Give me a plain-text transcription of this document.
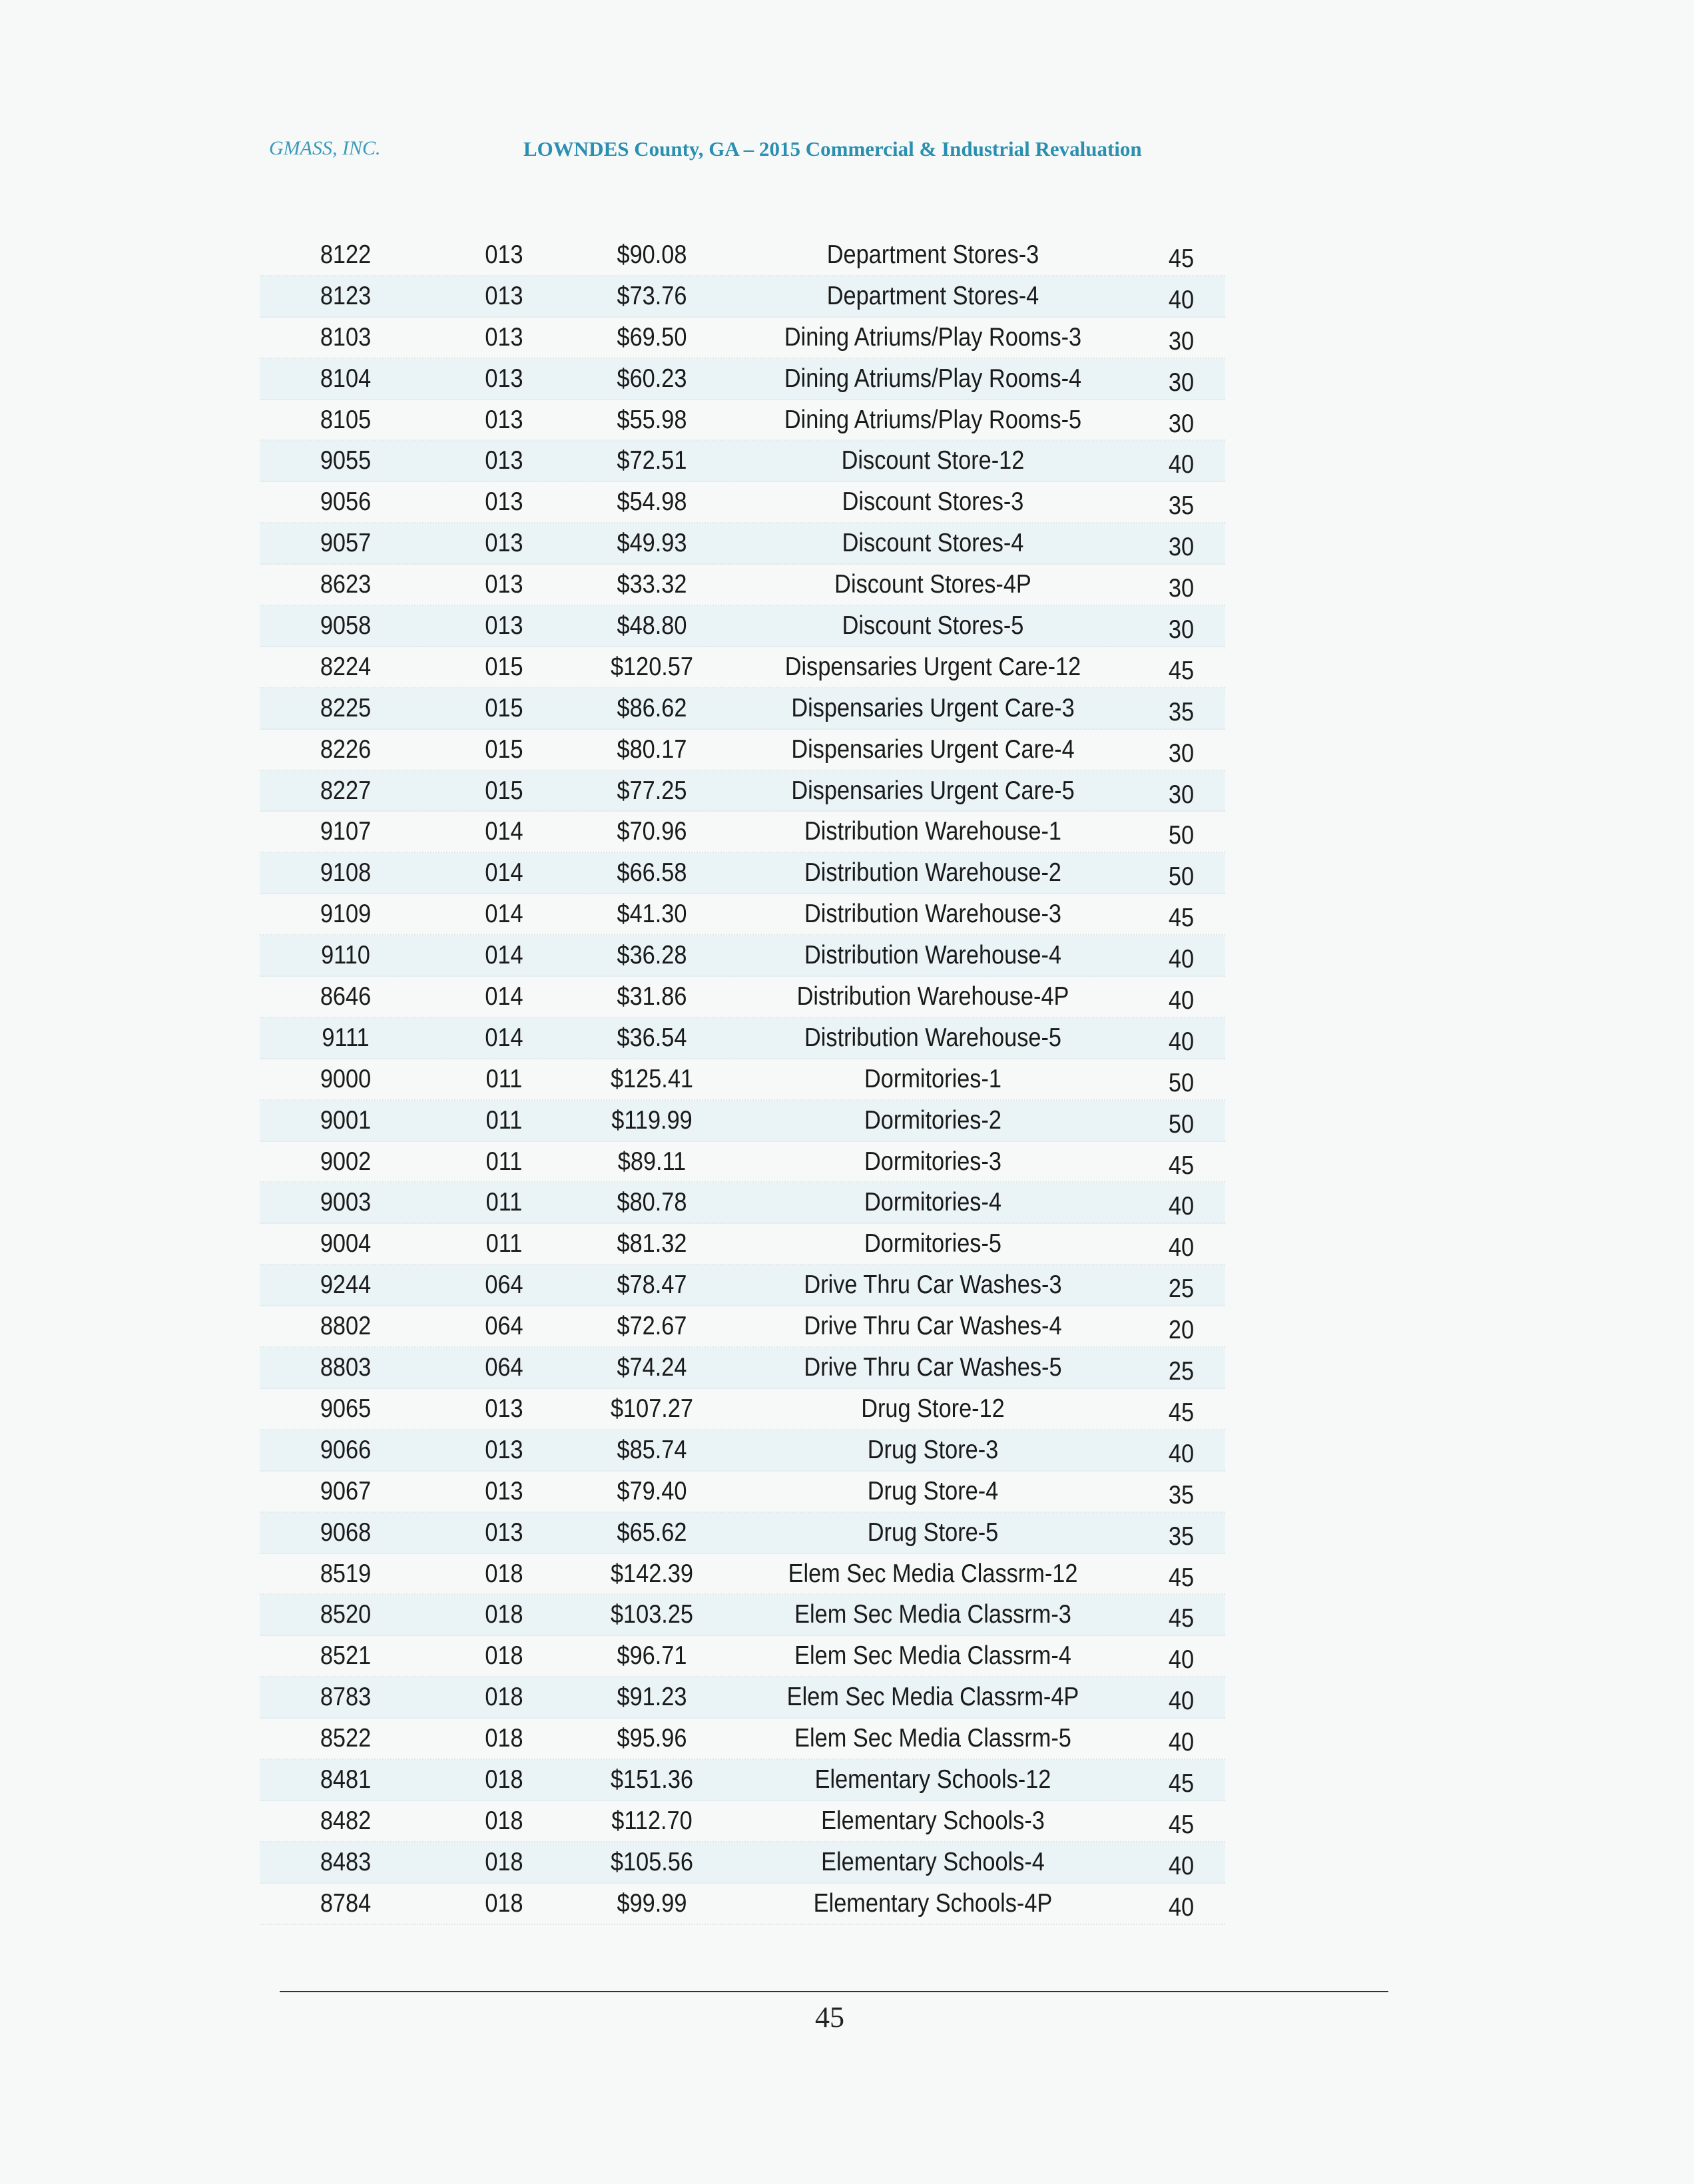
GMASS, INC.	LOWNDES County, GA – 2015 Commercial & Industrial Revaluation
8122	013	$90.08	Department Stores-3	45
8123	013	$73.76	Department Stores-4	40
8103	013	$69.50	Dining Atriums/Play Rooms-3	30
8104	013	$60.23	Dining Atriums/Play Rooms-4	30
8105	013	$55.98	Dining Atriums/Play Rooms-5	30
9055	013	$72.51	Discount Store-12	40
9056	013	$54.98	Discount Stores-3	35
9057	013	$49.93	Discount Stores-4	30
8623	013	$33.32	Discount Stores-4P	30
9058	013	$48.80	Discount Stores-5	30
8224	015	$120.57	Dispensaries Urgent Care-12	45
8225	015	$86.62	Dispensaries Urgent Care-3	35
8226	015	$80.17	Dispensaries Urgent Care-4	30
8227	015	$77.25	Dispensaries Urgent Care-5	30
9107	014	$70.96	Distribution Warehouse-1	50
9108	014	$66.58	Distribution Warehouse-2	50
9109	014	$41.30	Distribution Warehouse-3	45
9110	014	$36.28	Distribution Warehouse-4	40
8646	014	$31.86	Distribution Warehouse-4P	40
9111	014	$36.54	Distribution Warehouse-5	40
9000	011	$125.41	Dormitories-1	50
9001	011	$119.99	Dormitories-2	50
9002	011	$89.11	Dormitories-3	45
9003	011	$80.78	Dormitories-4	40
9004	011	$81.32	Dormitories-5	40
9244	064	$78.47	Drive Thru Car Washes-3	25
8802	064	$72.67	Drive Thru Car Washes-4	20
8803	064	$74.24	Drive Thru Car Washes-5	25
9065	013	$107.27	Drug Store-12	45
9066	013	$85.74	Drug Store-3	40
9067	013	$79.40	Drug Store-4	35
9068	013	$65.62	Drug Store-5	35
8519	018	$142.39	Elem Sec Media Classrm-12	45
8520	018	$103.25	Elem Sec Media Classrm-3	45
8521	018	$96.71	Elem Sec Media Classrm-4	40
8783	018	$91.23	Elem Sec Media Classrm-4P	40
8522	018	$95.96	Elem Sec Media Classrm-5	40
8481	018	$151.36	Elementary Schools-12	45
8482	018	$112.70	Elementary Schools-3	45
8483	018	$105.56	Elementary Schools-4	40
8784	018	$99.99	Elementary Schools-4P	40
45
